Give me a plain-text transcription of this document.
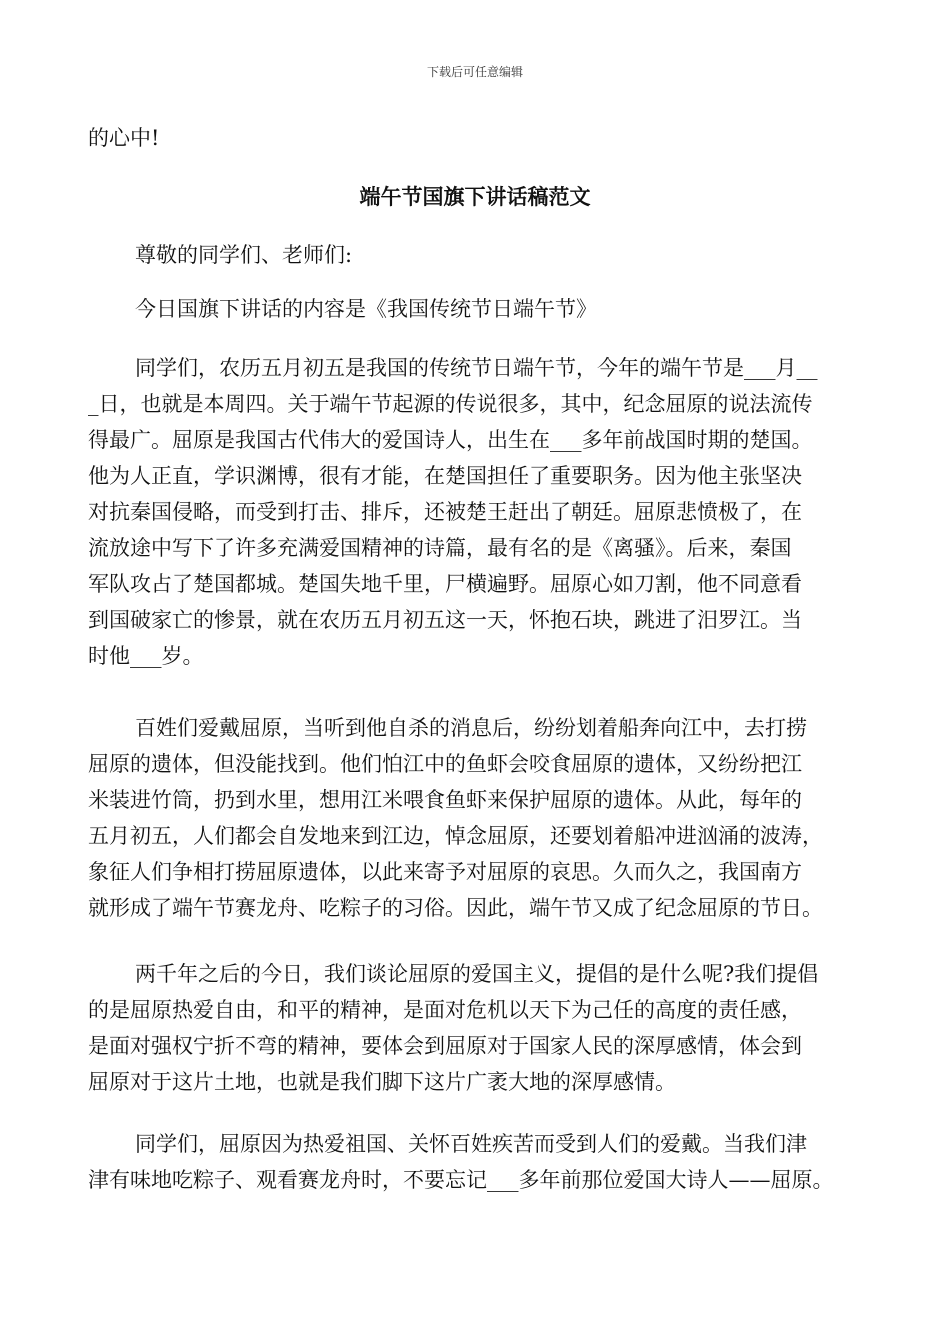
下载后可任意编辑
的心中!
端午节国旗下讲话稿范文
尊敬的同学们、老师们:
今日国旗下讲话的内容是《我国传统节日端午节》
同学们，农历五月初五是我国的传统节日端午节，今年的端午节是___月__
_日，也就是本周四。关于端午节起源的传说很多，其中，纪念屈原的说法流传
得最广。屈原是我国古代伟大的爱国诗人，出生在___多年前战国时期的楚国。
他为人正直，学识渊博，很有才能，在楚国担任了重要职务。因为他主张坚决
对抗秦国侵略，而受到打击、排斥，还被楚王赶出了朝廷。屈原悲愤极了，在
流放途中写下了许多充满爱国精神的诗篇，最有名的是《离骚》。后来，秦国
军队攻占了楚国都城。楚国失地千里，尸横遍野。屈原心如刀割，他不同意看
到国破家亡的惨景，就在农历五月初五这一天，怀抱石块，跳进了汨罗江。当
时他___岁。
百姓们爱戴屈原，当听到他自杀的消息后，纷纷划着船奔向江中，去打捞
屈原的遗体，但没能找到。他们怕江中的鱼虾会咬食屈原的遗体，又纷纷把江
米装进竹筒，扔到水里，想用江米喂食鱼虾来保护屈原的遗体。从此，每年的
五月初五，人们都会自发地来到江边，悼念屈原，还要划着船冲进汹涌的波涛，
象征人们争相打捞屈原遗体，以此来寄予对屈原的哀思。久而久之，我国南方
就形成了端午节赛龙舟、吃粽子的习俗。因此，端午节又成了纪念屈原的节日。
两千年之后的今日，我们谈论屈原的爱国主义，提倡的是什么呢?我们提倡
的是屈原热爱自由，和平的精神，是面对危机以天下为己任的高度的责任感，
是面对强权宁折不弯的精神，要体会到屈原对于国家人民的深厚感情，体会到
屈原对于这片土地，也就是我们脚下这片广袤大地的深厚感情。
同学们，屈原因为热爱祖国、关怀百姓疾苦而受到人们的爱戴。当我们津
津有味地吃粽子、观看赛龙舟时，不要忘记___多年前那位爱国大诗人——屈原。
